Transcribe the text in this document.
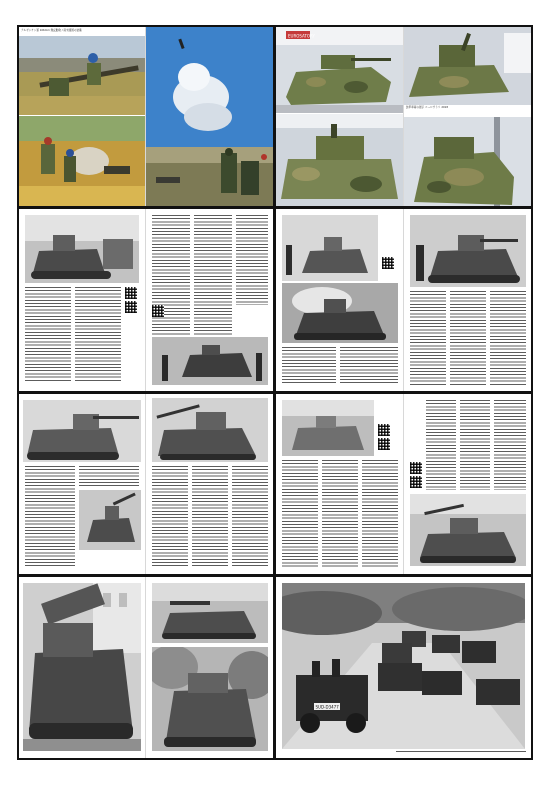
アルゼンチン軍 106mm 無反動砲 / 南米諸国の装備
EUROSATORY
装甲車両の展示 ユーロサトリ 2018
SUD-D3477
